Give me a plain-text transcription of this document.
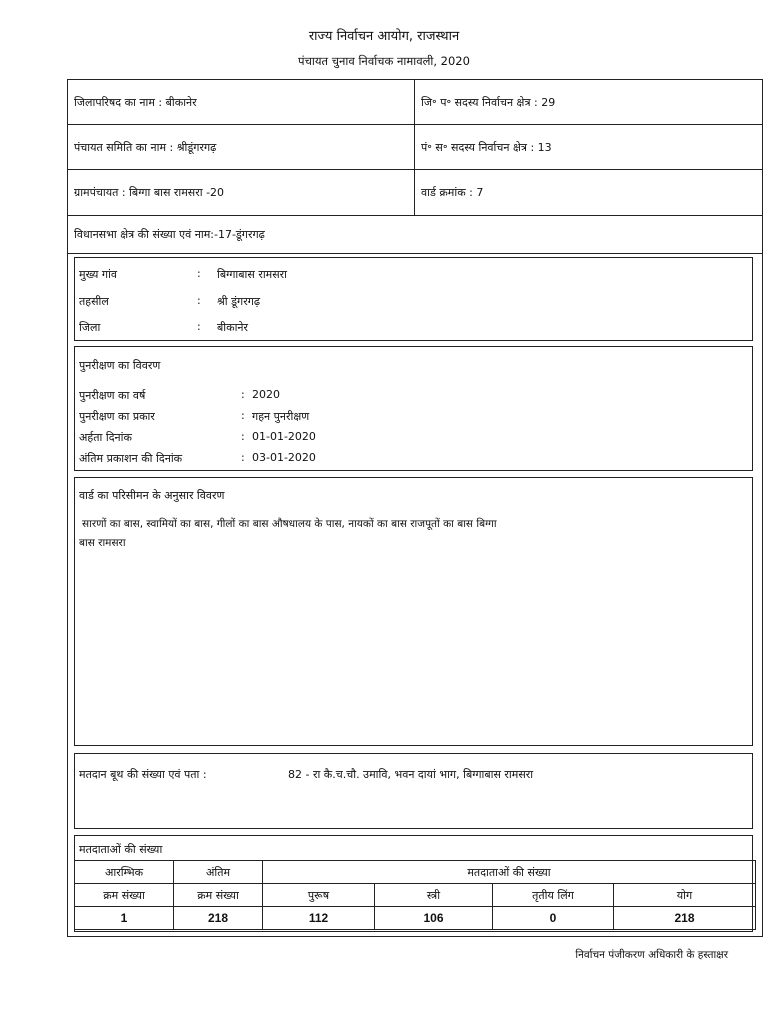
राज्य निर्वाचन आयोग, राजस्थान
पंचायत चुनाव निर्वाचक नामावली, 2020
जिलापरिषद का नाम : बीकानेर	जि॰ प॰ सदस्य निर्वाचन क्षेत्र : 29
पंचायत समिति का नाम : श्रीडूंगरगढ़	पं॰ स॰ सदस्य निर्वाचन क्षेत्र : 13
ग्रामपंचायत : बिग्गा बास रामसरा -20	वार्ड क्रमांक : 7
विधानसभा क्षेत्र की संख्या एवं नाम:-17-डूंगरगढ़	
मुख्य गांव	: बिग्गाबास रामसरा
तहसील	: श्री डूंगरगढ़
जिला	: बीकानेर
पुनरीक्षण का विवरण
पुनरीक्षण का वर्ष	: 2020
पुनरीक्षण का प्रकार	: गहन पुनरीक्षण
अर्हता दिनांक	: 01-01-2020
अंतिम प्रकाशन की दिनांक	: 03-01-2020
वार्ड का परिसीमन के अनुसार विवरण
सारणों का बास, स्वामियों का बास, गीलों का बास औषधालय के पास, नायकों का बास राजपूतों का बास बिग्गा
बास रामसरा
मतदान बूथ की संख्या एवं पता :	82 - रा कै.च.चौ. उमावि, भवन दायां भाग, बिग्गाबास रामसरा
मतदाताओं की संख्या
आरम्भिक	अंतिम	मतदाताओं की संख्या			
क्रम संख्या	क्रम संख्या	पुरूष	स्त्री	तृतीय लिंग	योग
1	218	112	106	0	218
निर्वाचन पंजीकरण अधिकारी के हस्ताक्षर
